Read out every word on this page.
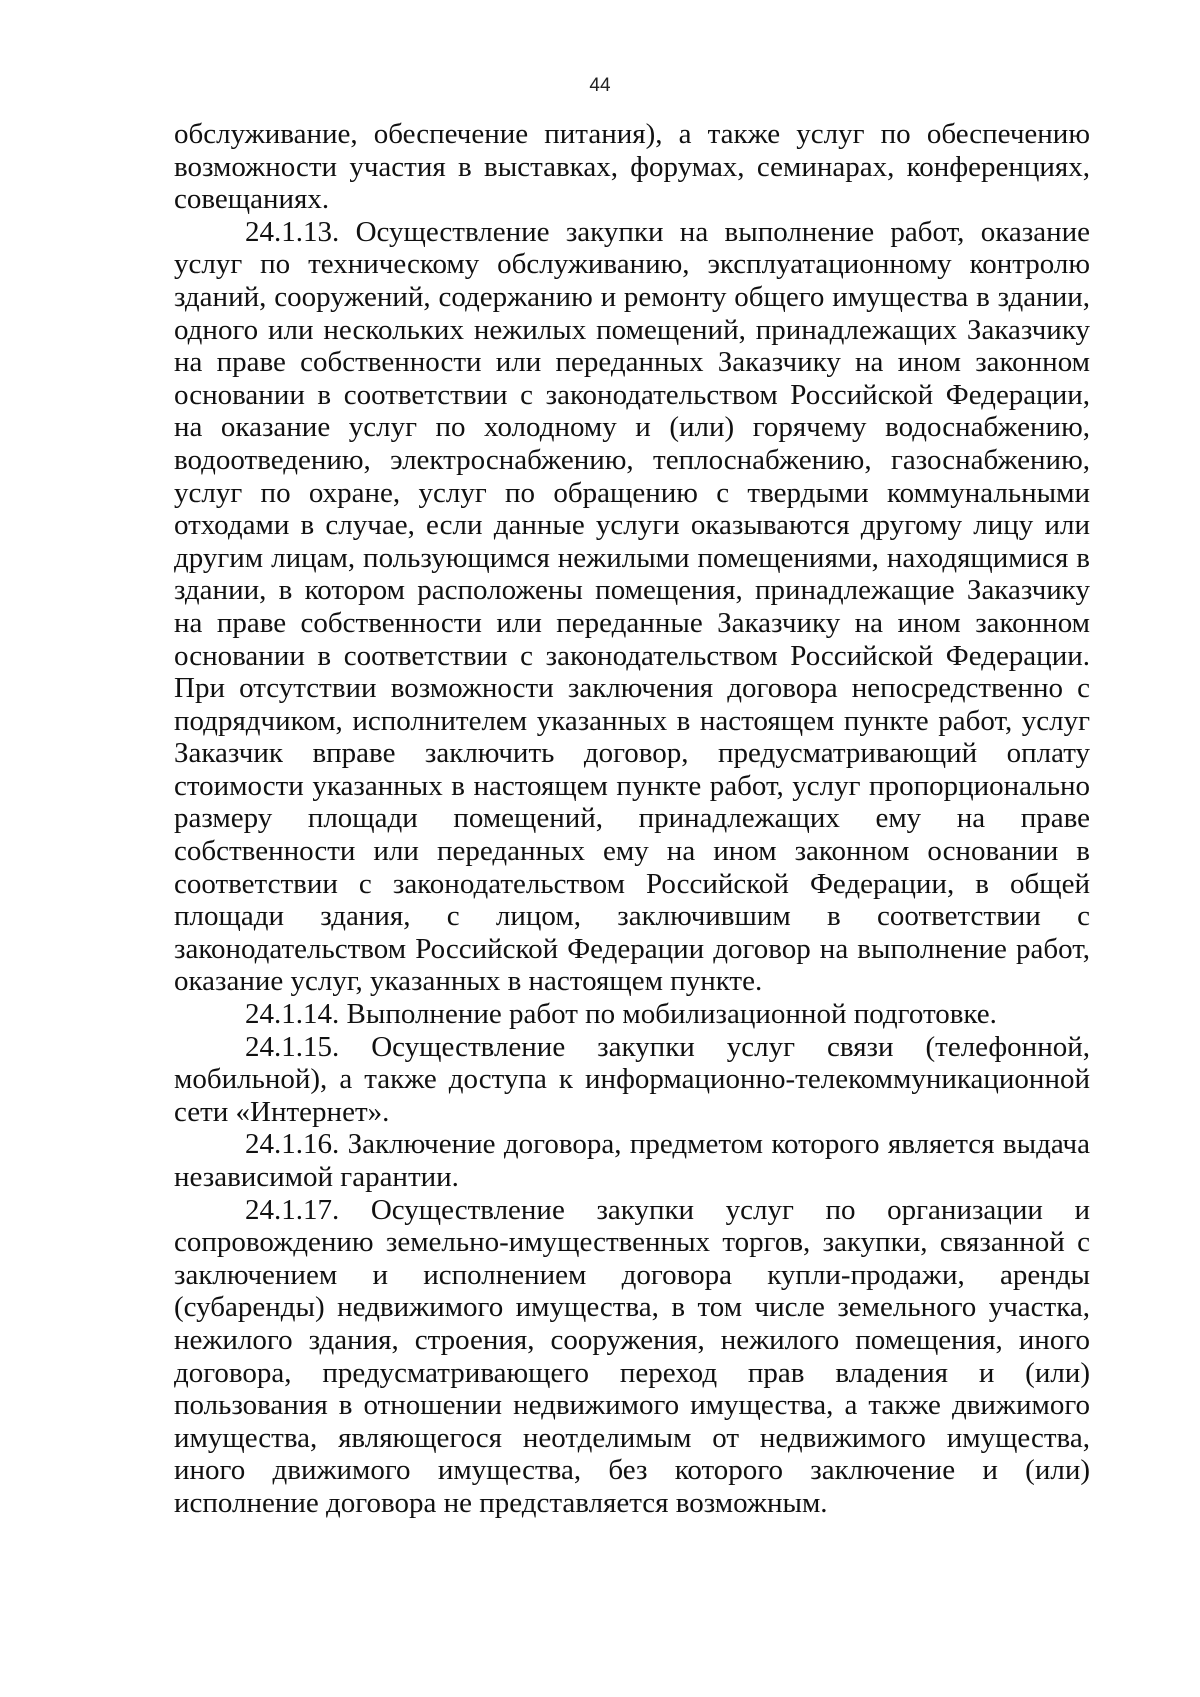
44

обслуживание, обеспечение питания), а также услуг по обеспечению возможности участия в выставках, форумах, семинарах, конференциях, совещаниях.

24.1.13. Осуществление закупки на выполнение работ, оказание услуг по техническому обслуживанию, эксплуатационному контролю зданий, сооружений, содержанию и ремонту общего имущества в здании, одного или нескольких нежилых помещений, принадлежащих Заказчику на праве собственности или переданных Заказчику на ином законном основании в соответствии с законодательством Российской Федерации, на оказание услуг по холодному и (или) горячему водоснабжению, водоотведению, электроснабжению, теплоснабжению, газоснабжению, услуг по охране, услуг по обращению с твердыми коммунальными отходами в случае, если данные услуги оказываются другому лицу или другим лицам, пользующимся нежилыми помещениями, находящимися в здании, в котором расположены помещения, принадлежащие Заказчику на праве собственности или переданные Заказчику на ином законном основании в соответствии с законодательством Российской Федерации. При отсутствии возможности заключения договора непосредственно с подрядчиком, исполнителем указанных в настоящем пункте работ, услуг Заказчик вправе заключить договор, предусматривающий оплату стоимости указанных в настоящем пункте работ, услуг пропорционально размеру площади помещений, принадлежащих ему на праве собственности или переданных ему на ином законном основании в соответствии с законодательством Российской Федерации, в общей площади здания, с лицом, заключившим в соответствии с законодательством Российской Федерации договор на выполнение работ, оказание услуг, указанных в настоящем пункте.

24.1.14. Выполнение работ по мобилизационной подготовке.

24.1.15. Осуществление закупки услуг связи (телефонной, мобильной), а также доступа к информационно-телекоммуникационной сети «Интернет».

24.1.16. Заключение договора, предметом которого является выдача независимой гарантии.

24.1.17. Осуществление закупки услуг по организации и сопровождению земельно-имущественных торгов, закупки, связанной с заключением и исполнением договора купли-продажи, аренды (субаренды) недвижимого имущества, в том числе земельного участка, нежилого здания, строения, сооружения, нежилого помещения, иного договора, предусматривающего переход прав владения и (или) пользования в отношении недвижимого имущества, а также движимого имущества, являющегося неотделимым от недвижимого имущества, иного движимого имущества, без которого заключение и (или) исполнение договора не представляется возможным.
